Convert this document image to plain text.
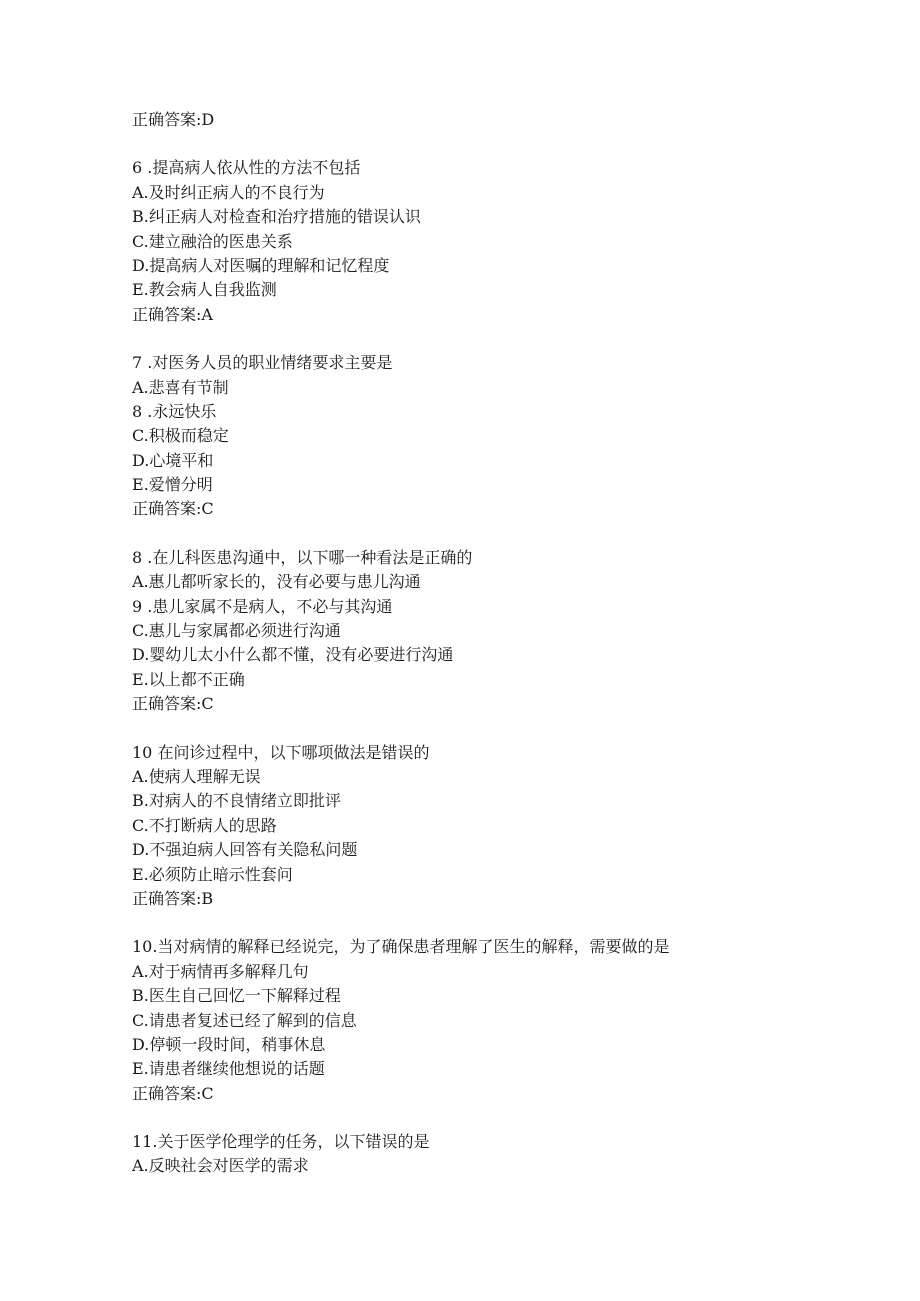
正确答案:D
6 .提高病人依从性的方法不包括
A.及时纠正病人的不良行为
B.纠正病人对检查和治疗措施的错误认识
C.建立融洽的医患关系
D.提高病人对医嘱的理解和记忆程度
E.教会病人自我监测
正确答案:A
7 .对医务人员的职业情绪要求主要是
A.悲喜有节制
8 .永远快乐
C.积极而稳定
D.心境平和
E.爱憎分明
正确答案:C
8 .在儿科医患沟通中，以下哪一种看法是正确的
A.惠儿都听家长的，没有必要与患儿沟通
9 .患儿家属不是病人，不必与其沟通
C.惠儿与家属都必须进行沟通
D.婴幼儿太小什么都不懂，没有必要进行沟通
E.以上都不正确
正确答案:C
10 在问诊过程中，以下哪项做法是错误的
A.使病人理解无误
B.对病人的不良情绪立即批评
C.不打断病人的思路
D.不强迫病人回答有关隐私问题
E.必须防止暗示性套问
正确答案:B
10.当对病情的解释已经说完，为了确保患者理解了医生的解释，需要做的是
A.对于病情再多解释几句
B.医生自己回忆一下解释过程
C.请患者复述已经了解到的信息
D.停顿一段时间，稍事休息
E.请患者继续他想说的话题
正确答案:C
11.关于医学伦理学的任务，以下错误的是
A.反映社会对医学的需求
